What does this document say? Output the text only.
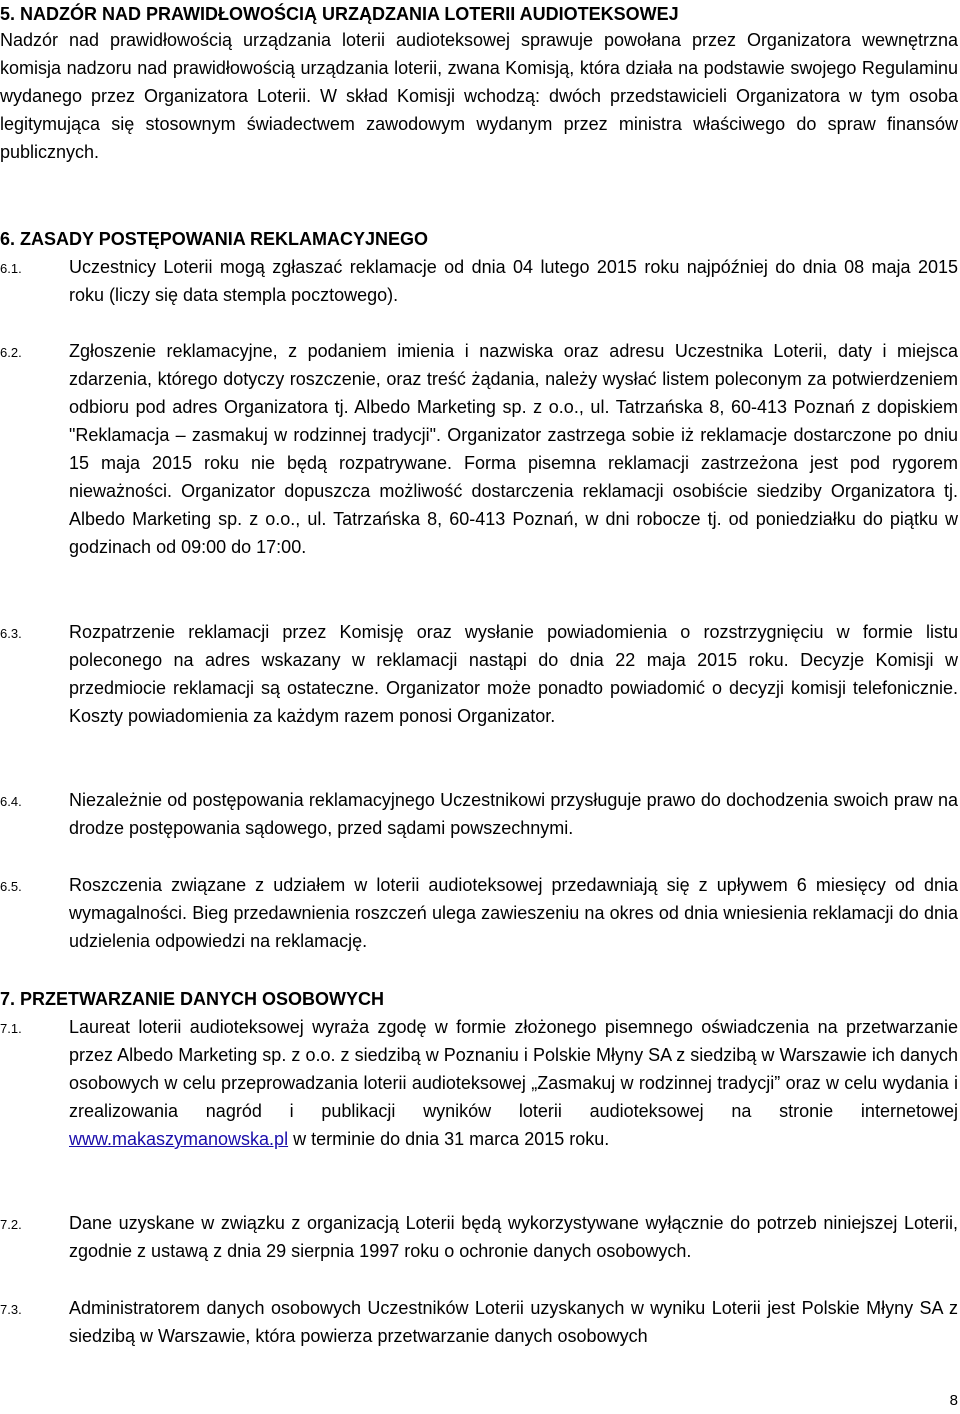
5. NADZÓR NAD PRAWIDŁOWOŚCIĄ URZĄDZANIA LOTERII AUDIOTEKSOWEJ

Nadzór nad prawidłowością urządzania loterii audioteksowej sprawuje powołana przez Organizatora wewnętrzna komisja nadzoru nad prawidłowością urządzania loterii, zwana Komisją, która działa na podstawie swojego Regulaminu wydanego przez Organizatora Loterii. W skład Komisji wchodzą: dwóch przedstawicieli Organizatora w tym osoba legitymująca się stosownym świadectwem zawodowym wydanym przez ministra właściwego do spraw finansów publicznych.

6. ZASADY POSTĘPOWANIA REKLAMACYJNEGO
6.1.	Uczestnicy Loterii mogą zgłaszać reklamacje od dnia 04 lutego 2015 roku najpóźniej do dnia 08 maja 2015 roku (liczy się data stempla pocztowego).
6.2.	Zgłoszenie reklamacyjne, z podaniem imienia i nazwiska oraz adresu Uczestnika Loterii, daty i miejsca zdarzenia, którego dotyczy roszczenie, oraz treść żądania, należy wysłać listem poleconym za potwierdzeniem odbioru pod adres Organizatora tj. Albedo Marketing sp. z o.o., ul. Tatrzańska 8, 60-413 Poznań z dopiskiem "Reklamacja – zasmakuj w rodzinnej tradycji". Organizator zastrzega sobie iż reklamacje dostarczone po dniu 15 maja 2015 roku nie będą rozpatrywane. Forma pisemna reklamacji zastrzeżona jest pod rygorem nieważności. Organizator dopuszcza możliwość dostarczenia reklamacji osobiście siedziby Organizatora tj. Albedo Marketing sp. z o.o., ul. Tatrzańska 8, 60-413 Poznań, w dni robocze tj. od poniedziałku do piątku w godzinach od 09:00 do 17:00.
6.3.	Rozpatrzenie reklamacji przez Komisję oraz wysłanie powiadomienia o rozstrzygnięciu w formie listu poleconego na adres wskazany w reklamacji nastąpi do dnia 22 maja 2015 roku. Decyzje Komisji w przedmiocie reklamacji są ostateczne. Organizator może ponadto powiadomić o decyzji komisji telefonicznie. Koszty powiadomienia za każdym razem ponosi Organizator.
6.4.	Niezależnie od postępowania reklamacyjnego Uczestnikowi przysługuje prawo do dochodzenia swoich praw na drodze postępowania sądowego, przed sądami powszechnymi.
6.5.	Roszczenia związane z udziałem w loterii audioteksowej przedawniają się z upływem 6 miesięcy od dnia wymagalności. Bieg przedawnienia roszczeń ulega zawieszeniu na okres od dnia wniesienia reklamacji do dnia udzielenia odpowiedzi na reklamację.
7. PRZETWARZANIE DANYCH OSOBOWYCH
7.1.	Laureat loterii audioteksowej wyraża zgodę w formie złożonego pisemnego oświadczenia na przetwarzanie przez Albedo Marketing sp. z o.o. z siedzibą w Poznaniu i Polskie Młyny SA z siedzibą w Warszawie ich danych osobowych w celu przeprowadzania loterii audioteksowej „Zasmakuj w rodzinnej tradycji” oraz w celu wydania i zrealizowania nagród i publikacji wyników loterii audioteksowej na stronie internetowej www.makaszymanowska.pl w terminie do dnia 31 marca 2015 roku.
7.2.	Dane uzyskane w związku z organizacją Loterii będą wykorzystywane wyłącznie do potrzeb niniejszej Loterii, zgodnie z ustawą z dnia 29 sierpnia 1997 roku o ochronie danych osobowych.
7.3.	Administratorem danych osobowych Uczestników Loterii uzyskanych w wyniku Loterii jest Polskie Młyny SA z siedzibą w Warszawie, która powierza przetwarzanie danych osobowych
8
